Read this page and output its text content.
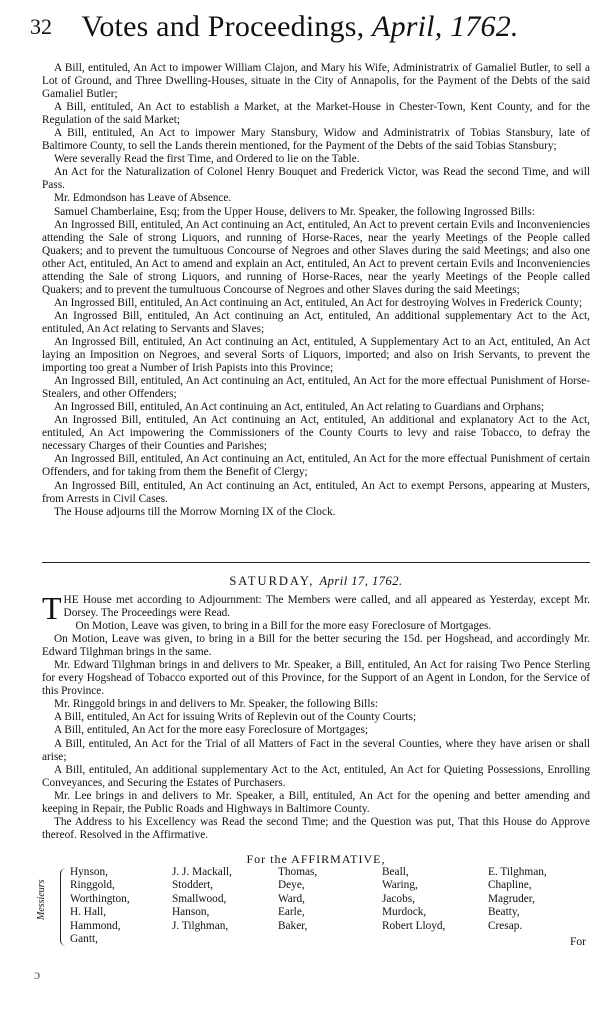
32 Votes and Proceedings, April, 1762.

A Bill, entituled, An Act to impower William Clajon, and Mary his Wife, Administratrix of Gamaliel Butler, to sell a Lot of Ground, and Three Dwelling-Houses, situate in the City of Annapolis, for the Payment of the Debts of the said Gamaliel Butler;

A Bill, entituled, An Act to establish a Market, at the Market-House in Chester-Town, Kent County, and for the Regulation of the said Market;

A Bill, entituled, An Act to impower Mary Stansbury, Widow and Administratrix of Tobias Stansbury, late of Baltimore County, to sell the Lands therein mentioned, for the Payment of the Debts of the said Tobias Stansbury;

Were severally Read the first Time, and Ordered to lie on the Table.

An Act for the Naturalization of Colonel Henry Bouquet and Frederick Victor, was Read the second Time, and will Pass.

Mr. Edmondson has Leave of Absence.

Samuel Chamberlaine, Esq; from the Upper House, delivers to Mr. Speaker, the following Ingrossed Bills:

An Ingrossed Bill, entituled, An Act continuing an Act, entituled, An Act to prevent certain Evils and Inconveniencies attending the Sale of strong Liquors, and running of Horse-Races, near the yearly Meetings of the People called Quakers; and to prevent the tumultuous Concourse of Negroes and other Slaves during the said Meetings; and also one other Act, entituled, An Act to amend and explain an Act, entituled, An Act to prevent certain Evils and Inconveniencies attending the Sale of strong Liquors, and running of Horse-Races, near the yearly Meetings of the People called Quakers; and to prevent the tumultuous Concourse of Negroes and other Slaves during the said Meetings;

An Ingrossed Bill, entituled, An Act continuing an Act, entituled, An Act for destroying Wolves in Frederick County;

An Ingrossed Bill, entituled, An Act continuing an Act, entituled, An additional supplementary Act to the Act, entituled, An Act relating to Servants and Slaves;

An Ingrossed Bill, entituled, An Act continuing an Act, entituled, A Supplementary Act to an Act, entituled, An Act laying an Imposition on Negroes, and several Sorts of Liquors, imported; and also on Irish Servants, to prevent the importing too great a Number of Irish Papists into this Province;

An Ingrossed Bill, entituled, An Act continuing an Act, entituled, An Act for the more effectual Punishment of Horse-Stealers, and other Offenders;

An Ingrossed Bill, entituled, An Act continuing an Act, entituled, An Act relating to Guardians and Orphans;

An Ingrossed Bill, entituled, An Act continuing an Act, entituled, An additional and explanatory Act to the Act, entituled, An Act impowering the Commissioners of the County Courts to levy and raise Tobacco, to defray the necessary Charges of their Counties and Parishes;

An Ingrossed Bill, entituled, An Act continuing an Act, entituled, An Act for the more effectual Punishment of certain Offenders, and for taking from them the Benefit of Clergy;

An Ingrossed Bill, entituled, An Act continuing an Act, entituled, An Act to exempt Persons, appearing at Musters, from Arrests in Civil Cases.

The House adjourns till the Morrow Morning IX of the Clock.

SATURDAY, April 17, 1762.

THE House met according to Adjournment: The Members were called, and all appeared as Yesterday, except Mr. Dorsey. The Proceedings were Read.

On Motion, Leave was given, to bring in a Bill for the more easy Foreclosure of Mortgages.

On Motion, Leave was given, to bring in a Bill for the better securing the 15d. per Hogshead, and accordingly Mr. Edward Tilghman brings in the same.

Mr. Edward Tilghman brings in and delivers to Mr. Speaker, a Bill, entituled, An Act for raising Two Pence Sterling for every Hogshead of Tobacco exported out of this Province, for the Support of an Agent in London, for the Service of this Province.

Mr. Ringgold brings in and delivers to Mr. Speaker, the following Bills:

A Bill, entituled, An Act for issuing Writs of Replevin out of the County Courts;

A Bill, entituled, An Act for the more easy Foreclosure of Mortgages;

A Bill, entituled, An Act for the Trial of all Matters of Fact in the several Counties, where they have arisen or shall arise;

A Bill, entituled, An additional supplementary Act to the Act, entituled, An Act for Quieting Possessions, Enrolling Conveyances, and Securing the Estates of Purchasers.

Mr. Lee brings in and delivers to Mr. Speaker, a Bill, entituled, An Act for the opening and better amending and keeping in Repair, the Public Roads and Highways in Baltimore County.

The Address to his Excellency was Read the second Time; and the Question was put, That this House do Approve thereof. Resolved in the Affirmative.

For the AFFIRMATIVE,
Messieurs
Hynson,
Ringgold,
Worthington,
H. Hall,
Hammond,
Gantt,
J. J. Mackall,
Stoddert,
Smallwood,
Hanson,
J. Tilghman,
Thomas,
Deye,
Ward,
Earle,
Baker,
Beall,
Waring,
Jacobs,
Murdock,
Robert Lloyd,
E. Tilghman,
Chapline,
Magruder,
Beatty,
Cresap.
For
ɔ
